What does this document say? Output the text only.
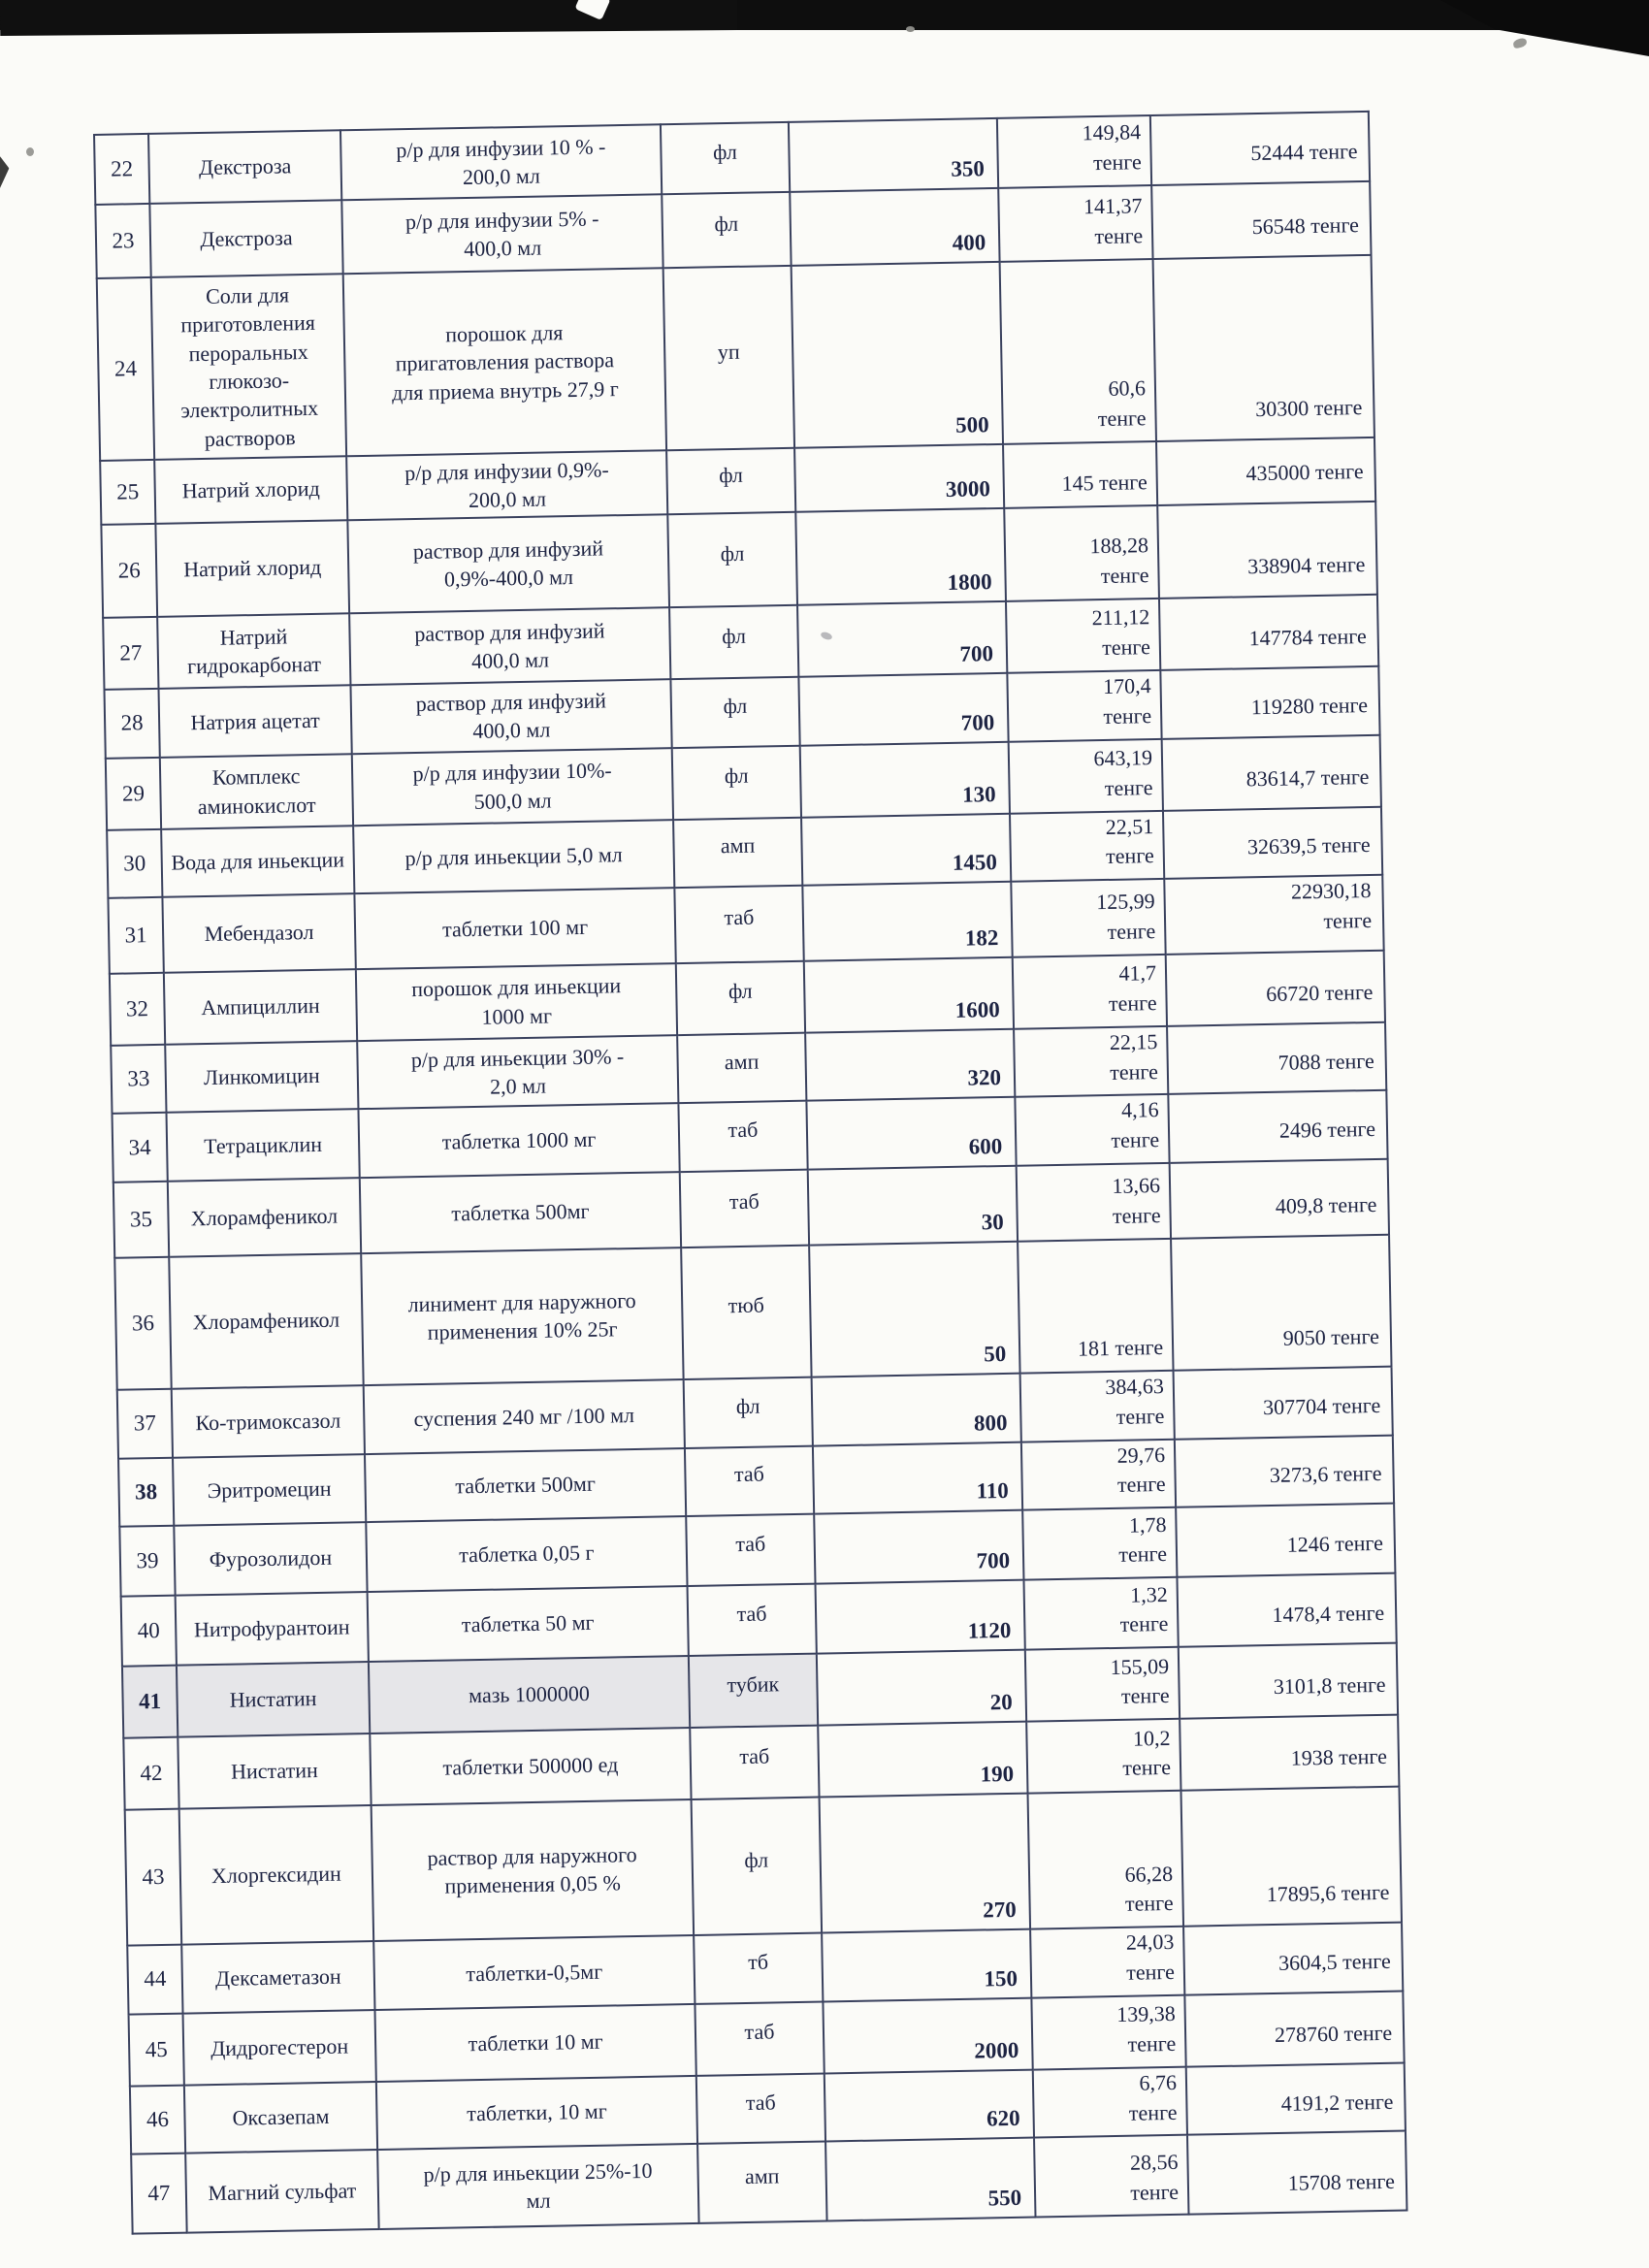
22	Декстроза	р/р для инфузии 10 % -
200,0 мл	фл	350	149,84
тенге	52444 тенге
23	Декстроза	р/р для инфузии 5% -
400,0 мл	фл	400	141,37
тенге	56548 тенге
24	Соли для
приготовления
пероральных
глюкозо-
электролитных
растворов	порошок для
пригатовления раствора
для приема внутрь 27,9 г	уп	500	60,6
тенге	30300 тенге
25	Натрий хлорид	р/р для инфузии 0,9%-
200,0 мл	фл	3000	145 тенге	435000 тенге
26	Натрий хлорид	раствор для инфузий
0,9%-400,0 мл	фл	1800	188,28
тенге	338904 тенге
27	Натрий
гидрокарбонат	раствор для инфузий
400,0 мл	фл	700	211,12
тенге	147784 тенге
28	Натрия ацетат	раствор для инфузий
400,0 мл	фл	700	170,4
тенге	119280 тенге
29	Комплекс
аминокислот	р/р для инфузии 10%-
500,0 мл	фл	130	643,19
тенге	83614,7 тенге
30	Вода для иньекции	р/р для иньекции 5,0 мл	амп	1450	22,51
тенге	32639,5 тенге
31	Мебендазол	таблетки 100 мг	таб	182	125,99
тенге	22930,18
тенге
32	Ампициллин	порошок для иньекции
1000 мг	фл	1600	41,7
тенге	66720 тенге
33	Линкомицин	р/р для иньекции 30% -
2,0 мл	амп	320	22,15
тенге	7088 тенге
34	Тетрациклин	таблетка 1000 мг	таб	600	4,16
тенге	2496 тенге
35	Хлорамфеникол	таблетка 500мг	таб	30	13,66
тенге	409,8 тенге
36	Хлорамфеникол	линимент для наружного
применения 10% 25г	тюб	50	181 тенге	9050 тенге
37	Ко-тримоксазол	суспения 240 мг /100 мл	фл	800	384,63
тенге	307704 тенге
38	Эритромецин	таблетки 500мг	таб	110	29,76
тенге	3273,6 тенге
39	Фурозолидон	таблетка 0,05 г	таб	700	1,78
тенге	1246 тенге
40	Нитрофурантоин	таблетка 50 мг	таб	1120	1,32
тенге	1478,4 тенге
41	Нистатин	мазь 1000000	тубик	20	155,09
тенге	3101,8 тенге
42	Нистатин	таблетки 500000 ед	таб	190	10,2
тенге	1938 тенге
43	Хлоргексидин	раствор для наружного
применения 0,05 %	фл	270	66,28
тенге	17895,6 тенге
44	Дексаметазон	таблетки-0,5мг	тб	150	24,03
тенге	3604,5 тенге
45	Дидрогестерон	таблетки 10 мг	таб	2000	139,38
тенге	278760 тенге
46	Оксазепам	таблетки, 10 мг	таб	620	6,76
тенге	4191,2 тенге
47	Магний сульфат	р/р для иньекции 25%-10
мл	амп	550	28,56
тенге	15708 тенге
